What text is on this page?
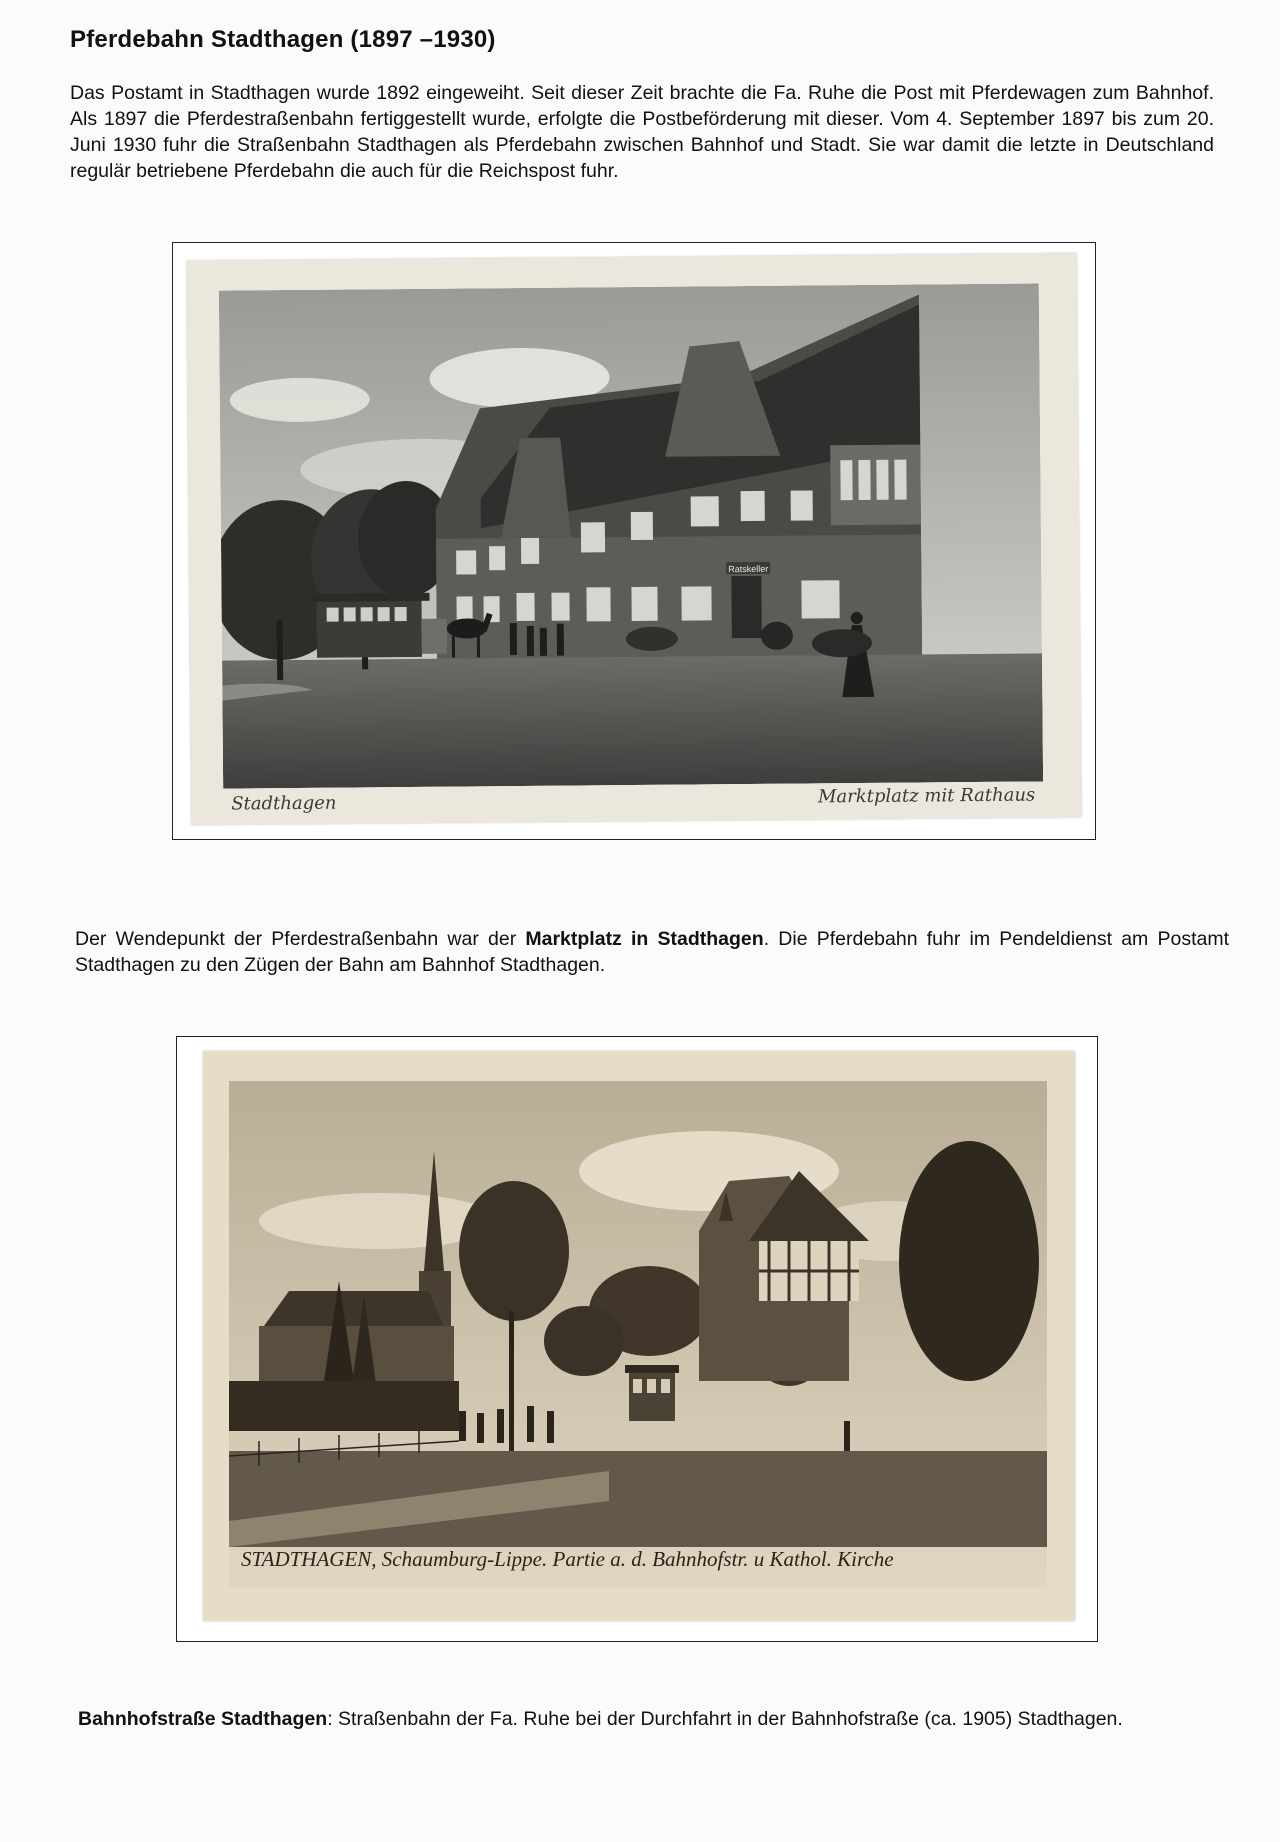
Pferdebahn Stadthagen (1897 –1930)
Das Postamt in Stadthagen wurde 1892 eingeweiht. Seit dieser Zeit brachte die Fa. Ruhe die Post mit Pferdewagen zum Bahnhof. Als 1897 die Pferdestraßenbahn fertiggestellt wurde, erfolgte die Postbeförderung mit dieser. Vom 4. September 1897 bis zum 20. Juni 1930 fuhr die Straßenbahn Stadthagen als Pferdebahn zwischen Bahnhof und Stadt. Sie war damit die letzte in Deutschland regulär betriebene Pferdebahn die auch für die Reichspost fuhr.
Ratskeller
Stadthagen	Marktplatz mit Rathaus
Der Wendepunkt der Pferdestraßenbahn war der Marktplatz in Stadthagen. Die Pferdebahn fuhr im Pendeldienst am Postamt Stadthagen zu den Zügen der Bahn am Bahnhof Stadthagen.
STADTHAGEN, Schaumburg-Lippe. Partie a. d. Bahnhofstr. u Kathol. Kirche
Bahnhofstraße Stadthagen: Straßenbahn der Fa. Ruhe bei der Durchfahrt in der Bahnhofstraße (ca. 1905) Stadthagen.
